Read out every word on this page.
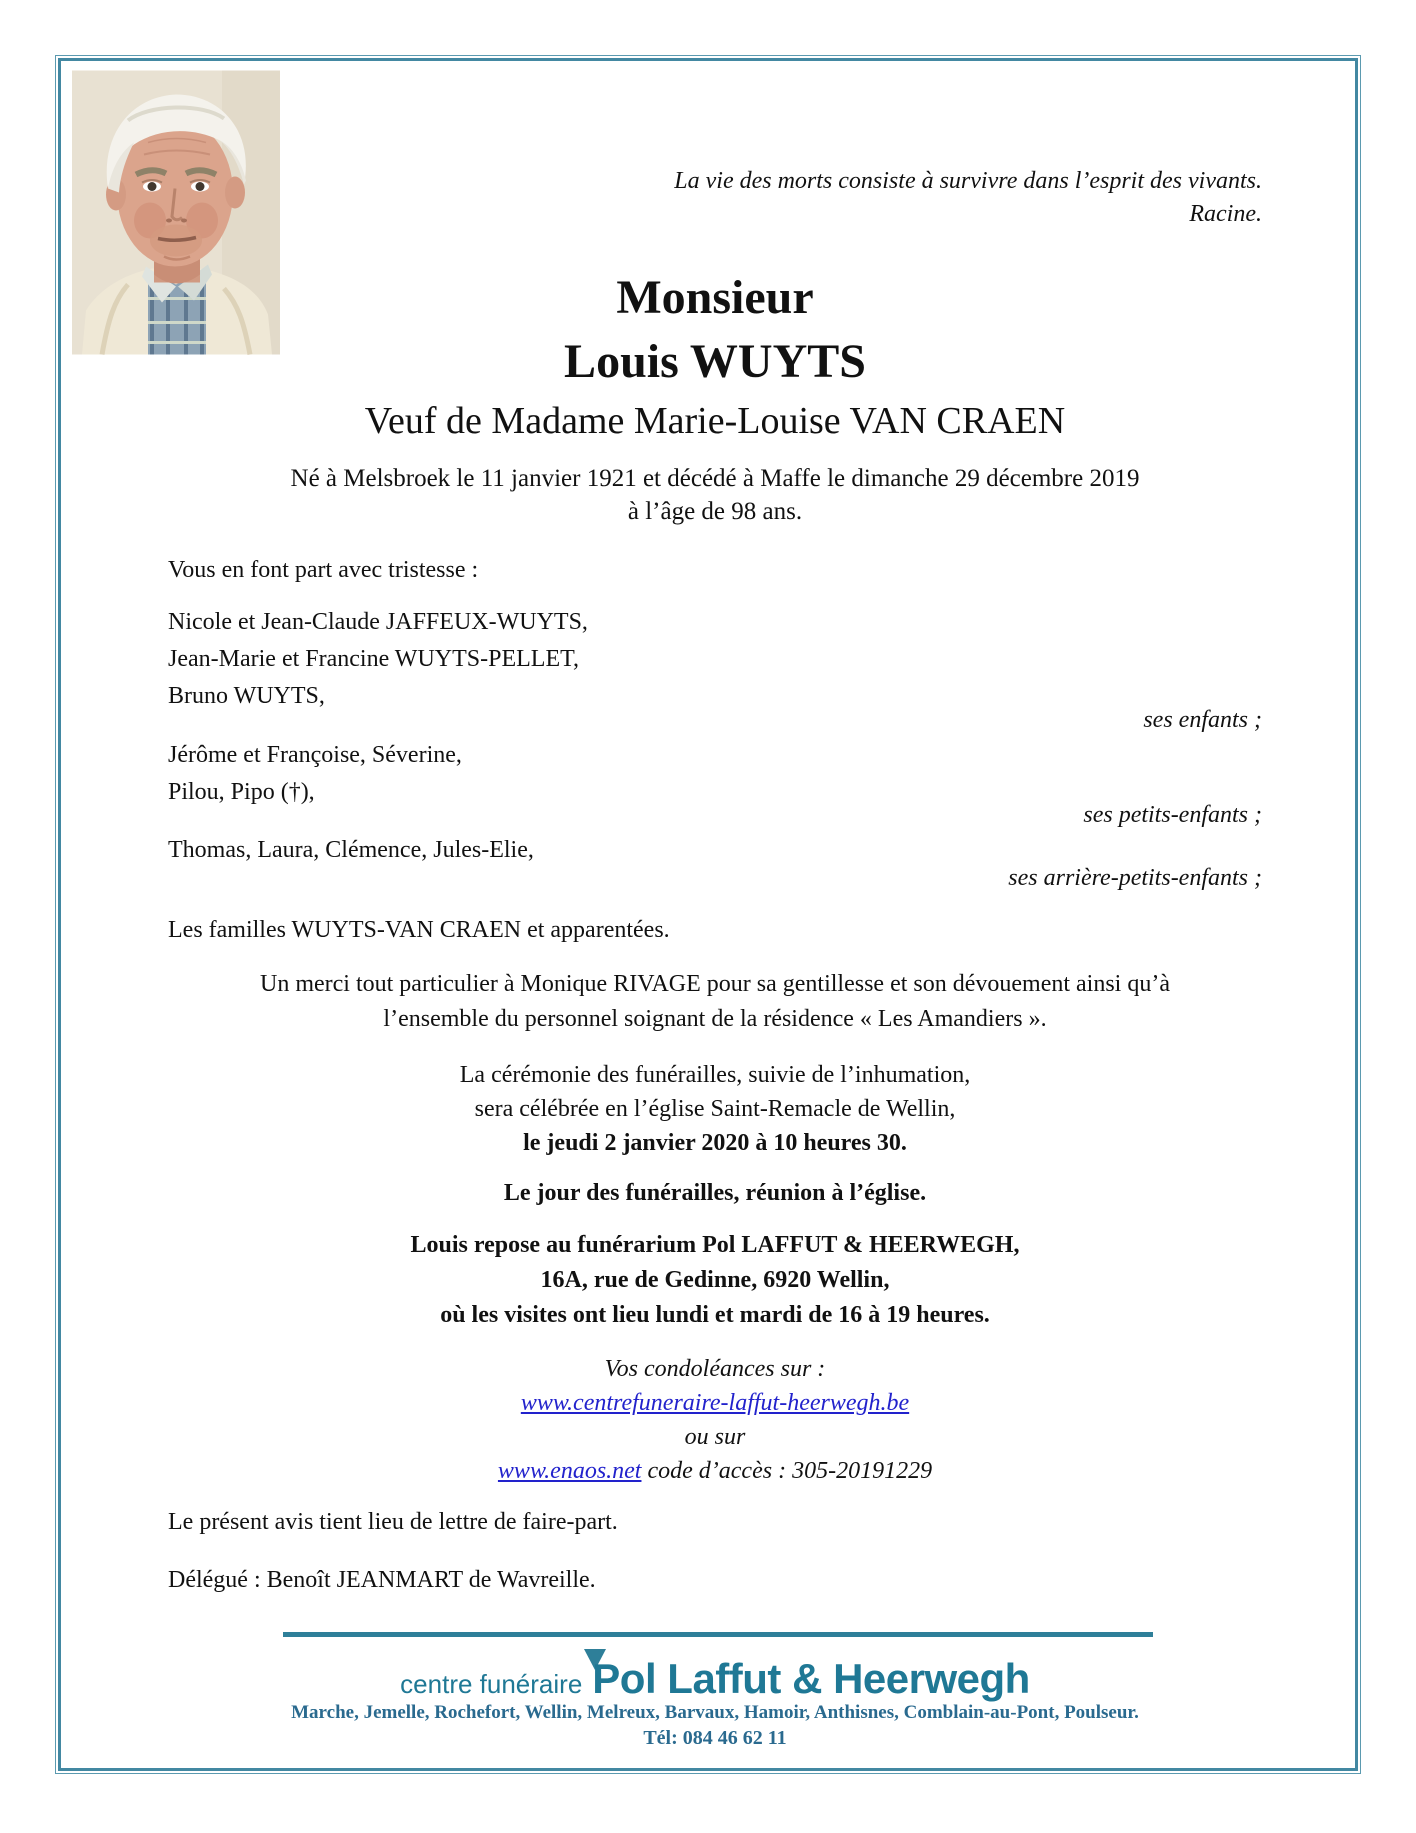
La vie des morts consiste à survivre dans l’esprit des vivants.
Racine.
Monsieur
Louis WUYTS
Veuf de Madame Marie-Louise VAN CRAEN
Né à Melsbroek le 11 janvier 1921 et décédé à Maffe le dimanche 29 décembre 2019
à l’âge de 98 ans.
Vous en font part avec tristesse :
Nicole et Jean-Claude JAFFEUX-WUYTS,
Jean-Marie et Francine WUYTS-PELLET,
Bruno WUYTS,
ses enfants ;
Jérôme et Françoise, Séverine,
Pilou, Pipo (†),
ses petits-enfants ;
Thomas, Laura, Clémence, Jules-Elie,
ses arrière-petits-enfants ;
Les familles WUYTS-VAN CRAEN et apparentées.
Un merci tout particulier à Monique RIVAGE pour sa gentillesse et son dévouement ainsi qu’à
l’ensemble du personnel soignant de la résidence « Les Amandiers ».
La cérémonie des funérailles, suivie de l’inhumation,
sera célébrée en l’église Saint-Remacle de Wellin,
le jeudi 2 janvier 2020 à 10 heures 30.
Le jour des funérailles, réunion à l’église.
Louis repose au funérarium Pol LAFFUT & HEERWEGH,
16A, rue de Gedinne, 6920 Wellin,
où les visites ont lieu lundi et mardi de 16 à 19 heures.
Vos condoléances sur :
www.centrefuneraire-laffut-heerwegh.be
ou sur
www.enaos.net code d’accès : 305-20191229
Le présent avis tient lieu de lettre de faire-part.
Délégué : Benoît JEANMART de Wavreille.
centre funéraire Pol Laffut & Heerwegh
Marche, Jemelle, Rochefort, Wellin, Melreux, Barvaux, Hamoir, Anthisnes, Comblain-au-Pont, Poulseur.
Tél: 084 46 62 11
